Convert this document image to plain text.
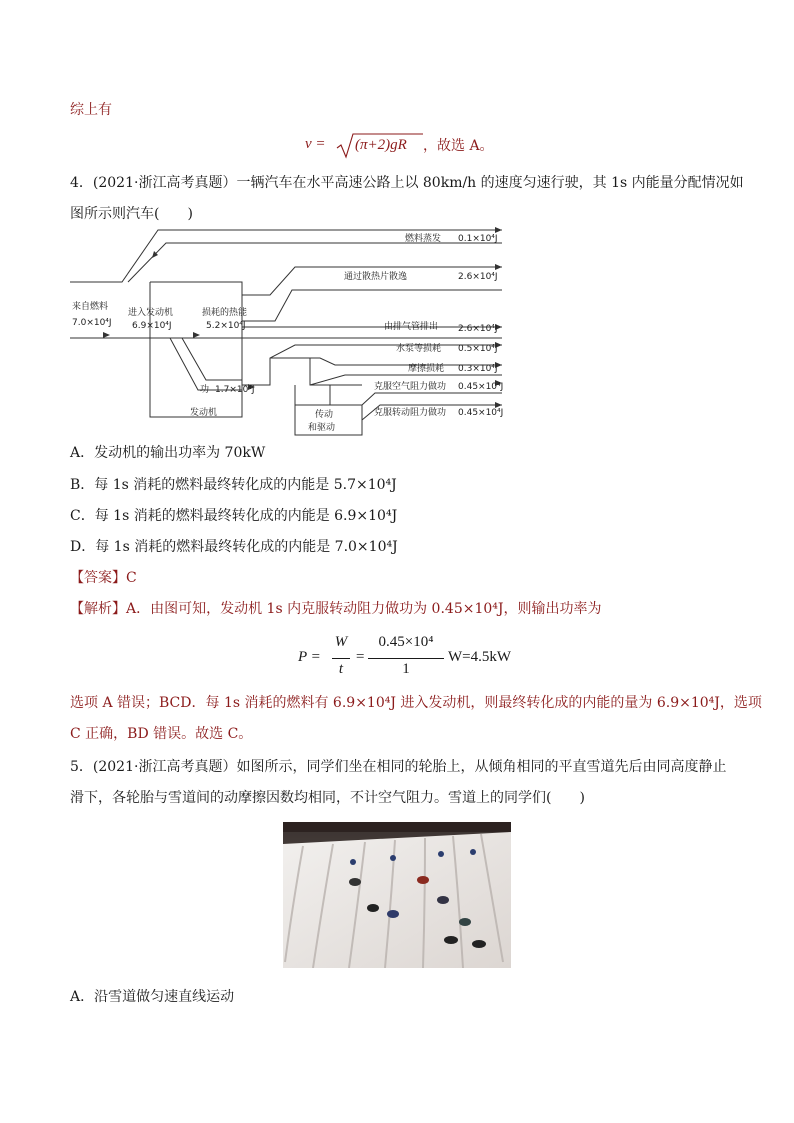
综上有
v = (π+2)gR ，故选 A。
4．(2021·浙江高考真题）一辆汽车在水平高速公路上以 80km/h 的速度匀速行驶，其 1s 内能量分配情况如
图所示则汽车(　　)
来自燃料
7.0×10⁴J
进入发动机
6.9×10⁴J
损耗的热能
5.2×10⁴J
功 1.7×10⁴J
发动机	传动
和驱动
燃料蒸发 0.1×10⁴J
通过散热片散逸	2.6×10⁴J
由排气管排出 2.6×10⁴J
水泵等损耗 0.5×10⁴J
摩擦损耗 0.3×10⁴J
克服空气阻力做功 0.45×10⁴J
克服转动阻力做功 0.45×10⁴J
A．发动机的输出功率为 70kW
B．每 1s 消耗的燃料最终转化成的内能是 5.7×10⁴J
C．每 1s 消耗的燃料最终转化成的内能是 6.9×10⁴J
D．每 1s 消耗的燃料最终转化成的内能是 7.0×10⁴J
【答案】C
【解析】A．由图可知，发动机 1s 内克服转动阻力做功为 0.45×10⁴J，则输出功率为
P =
W
t
=
0.45×10⁴
1
W=4.5kW
选项 A 错误；BCD．每 1s 消耗的燃料有 6.9×10⁴J 进入发动机，则最终转化成的内能的量为 6.9×10⁴J，选项
C 正确，BD 错误。故选 C。
5．(2021·浙江高考真题）如图所示，同学们坐在相同的轮胎上，从倾角相同的平直雪道先后由同高度静止
滑下，各轮胎与雪道间的动摩擦因数均相同，不计空气阻力。雪道上的同学们(　　)
A．沿雪道做匀速直线运动
